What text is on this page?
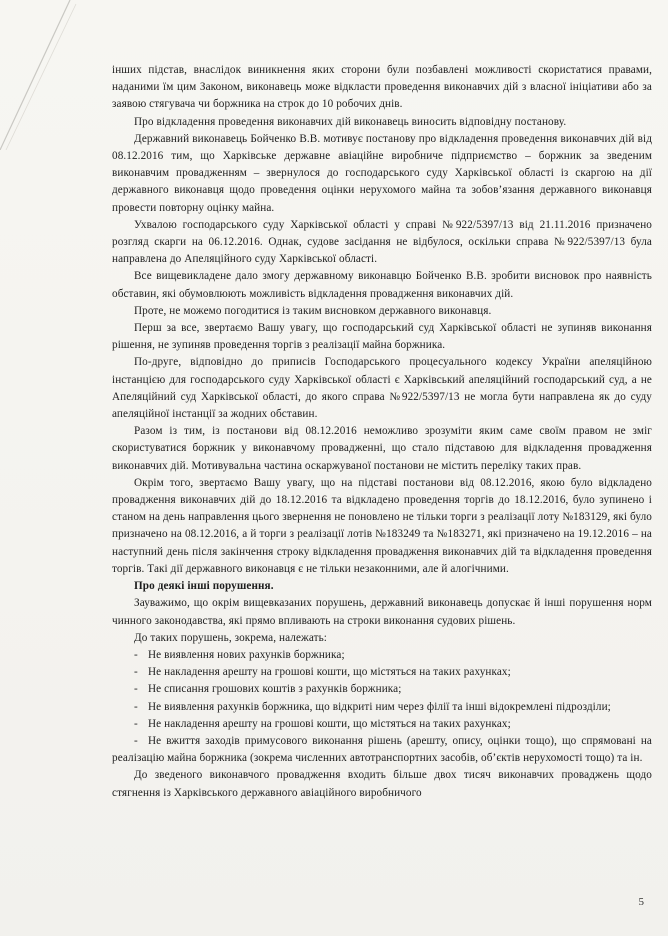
інших підстав, внаслідок виникнення яких сторони були позбавлені можливості скористатися правами, наданими їм цим Законом, виконавець може відкласти проведення виконавчих дій з власної ініціативи або за заявою стягувача чи боржника на строк до 10 робочих днів.

Про відкладення проведення виконавчих дій виконавець виносить відповідну постанову.

Державний виконавець Бойченко В.В. мотивує постанову про відкладення проведення виконавчих дій від 08.12.2016 тим, що Харківське державне авіаційне виробниче підприємство – боржник за зведеним виконавчим провадженням – звернулося до господарського суду Харківської області із скаргою на дії державного виконавця щодо проведення оцінки нерухомого майна та зобов’язання державного виконавця провести повторну оцінку майна.

Ухвалою господарського суду Харківської області у справі №922/5397/13 від 21.11.2016 призначено розгляд скарги на 06.12.2016. Однак, судове засідання не відбулося, оскільки справа №922/5397/13 була направлена до Апеляційного суду Харківської області.

Все вищевикладене дало змогу державному виконавцю Бойченко В.В. зробити висновок про наявність обставин, які обумовлюють можливість відкладення провадження виконавчих дій.

Проте, не можемо погодитися із таким висновком державного виконавця.

Перш за все, звертаємо Вашу увагу, що господарський суд Харківської області не зупиняв виконання рішення, не зупиняв проведення торгів з реалізації майна боржника.

По-друге, відповідно до приписів Господарського процесуального кодексу України апеляційною інстанцією для господарського суду Харківської області є Харківський апеляційний господарський суд, а не Апеляційний суд Харківської області, до якого справа №922/5397/13 не могла бути направлена як до суду апеляційної інстанції за жодних обставин.

Разом із тим, із постанови від 08.12.2016 неможливо зрозуміти яким саме своїм правом не зміг скористуватися боржник у виконавчому провадженні, що стало підставою для відкладення провадження виконавчих дій. Мотивувальна частина оскаржуваної постанови не містить переліку таких прав.

Окрім того, звертаємо Вашу увагу, що на підставі постанови від 08.12.2016, якою було відкладено провадження виконавчих дій до 18.12.2016 та відкладено проведення торгів до 18.12.2016, було зупинено і станом на день направлення цього звернення не поновлено не тільки торги з реалізації лоту №183129, які було призначено на 08.12.2016, а й торги з реалізації лотів №183249 та №183271, які призначено на 19.12.2016 – на наступний день після закінчення строку відкладення провадження виконавчих дій та відкладення проведення торгів. Такі дії державного виконавця є не тільки незаконними, але й алогічними.

Про деякі інші порушення.

Зауважимо, що окрім вищевказаних порушень, державний виконавець допускає й інші порушення норм чинного законодавства, які прямо впливають на строки виконання судових рішень.

До таких порушень, зокрема, належать:

- Не виявлення нових рахунків боржника;
- Не накладення арешту на грошові кошти, що містяться на таких рахунках;
- Не списання грошових коштів з рахунків боржника;
- Не виявлення рахунків боржника, що відкриті ним через філії та інші відокремлені підрозділи;
- Не накладення арешту на грошові кошти, що містяться на таких рахунках;
- Не вжиття заходів примусового виконання рішень (арешту, опису, оцінки тощо), що спрямовані на реалізацію майна боржника (зокрема численних автотранспортних засобів, об’єктів нерухомості тощо) та ін.

До зведеного виконавчого провадження входить більше двох тисяч виконавчих проваджень щодо стягнення із Харківського державного авіаційного виробничого

5
